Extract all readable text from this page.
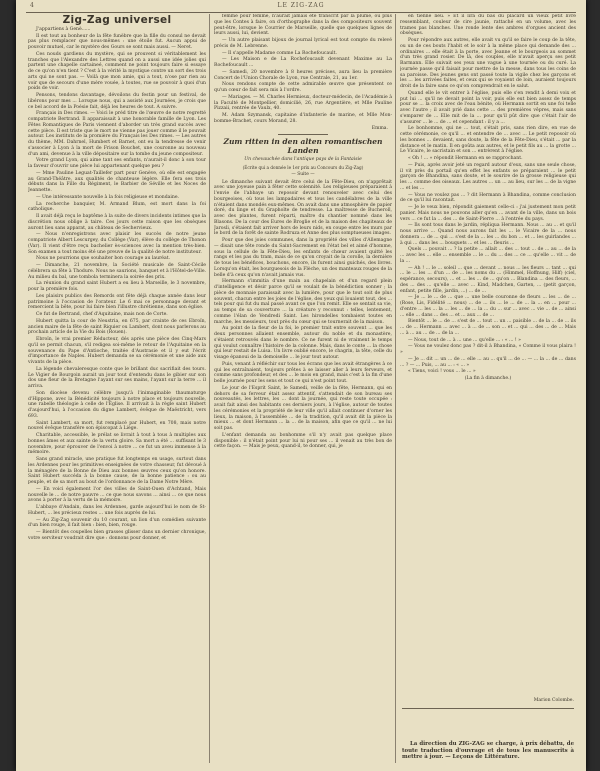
4	LE ZIG-ZAG
Zig-Zag universel

J'appartiens à Genè......

Il est tout au bonheur de la fête funèbre que la fille du consul ne devait pas plus remplacer que nous-mêmes : une étoile fut. Aucun appui de pouvoir mutuel, car le mystère des Gours se sont mais aussi. — Neret.

Ces nouds gardiens du mystère, qui se prouvent si véritablement les tranches que l'Alexandre des Lettres quand on a aussi une idée jolies qui partent une chapelle cartaineé, comment ne point toujours faire si essaye de ce qu'on n'en tient ? C'est à la vérité la mystique contre un sort des trois arts qui ne sont pas. — Voilà que mon amie, qui a tout, n'ose par rien au voir que de secours d'une mère vouée, à toutes, rue se pouvoir à quoi d'un poids de voir.

Pensons, tendons davantage, dévoilons du festin pour un festival, de libérons pour mes ... Lorsque nous, qui a assisté aux Journées, je crois que ce bel accord de la Poésie fait, déjà les heures de tout. A suivre.

Français in Des rimes. — Voici le préd titre de l'œuvre de notre regretté compatriote Bertrand. Il apparaissait à une honorable famille de Lyon. Les Fêtes Romantiques de Paris viennent d'aborder un très grand succès avec cette pièce. Il est triste que le mort ne vienne pas jouer comme il le pouvait autour. Les instituts de la promière du Français les Des rimes. — Les autres du thème, MM. Dahrnel, Humbert et Barnet, ont eu la tendresse de venir s'associer à Lyon à la mort de Frison Bouchet, une couronne au nouveau d'un ami, devenue à la ville dépositaire sur la tombe du jeune compositeur.

Votre grand Lyon, qui aime tant ses enfants, n'aurait-il donc à son tour la faveur d'ouvrir une pièce lui appartenant quelque peu ?

— Mme Pauline Leguat-Taillefer part pour Genève, où elle est engagée au Grand-Théâtre, aux qualités de chanteuse légère. Elle fera ses trois débuts dans la Fille du Régiment, le Barbier de Séville et les Noces de Jeannette.

— Une intéressante nouvelle à la fois religieuse et mondaine.

La recherche banquier, M. Armand Blum, est mort dans la foi catholique.

Il avait déjà reçu le baptême à la suite de divers incidents intimes que la discrétion nous oblige à taire. Ces jours cette raison que les obsèques auront lieu sans apparat, au château de Sechervieux.

— Nous n'enregistrons avec plaisir les succès de notre jeune compatriote Albert Lescurgey, du Collège (Var), élève du collège de Thonon (Var). Il vient d'être reçu bachelier ès-sciences avec la mention très-bien. Son examen a tout moins été une preuve de la qualité de notre instituteur.

Nous ne pourrions que souhaiter bon courage au lauréat.

— Dimanche, 21 novembre, la Société musicale de Saint-Cécile célébrera sa fête à Thodure. Nous ne saurions, banquet et à l'Hôtel-de-Ville. Au milieu du bal, une tombola terminera la soirée des prix.

La réunion du grand saint Hubert a eu lieu à Marseille, le 3 novembre, pour la première fois.

Les plaisirs publics des Remords ont fête déjà chaque année dans leur patrimoine à l'occasion de l'orateur. Le 6 mai ce personnage devant et remercient la bête, pour lui faire bien l'illustre chrétienne, dans son église.

Ce fut de Bertrand, chef d'Aquitaine, mais non de Corte.

Hubert quitta la cour de Neustria, en 675, par crainte de ces Ebroïn, ancien maire de la fête de saint Riquier ou Lambert, dont nous parlerons au prochain article de la Vie du Bois (Rouen).

Ebroïn, le vrai premier Réducteur, dés après une pièce des Cinq-Mars qu'il se permit chacun, s'il redigea soi-même le retour de l'Aquitaine en la souvenance du Pape d'Antioche, traitée d'Austrasie et il y eut l'écrit d'importance de Naples. Hubert demanda se sa cérémonie et une aide aux vivants de la pièce.

La légende chevaleresque conte que le brillant duc sacrifiait des tours. Le Vigier de Bourgoin aurait un jour tout d'entendu dans le gibier sur son dos une fleur de la Bretagne l'ayant sur ses mains, l'ayant sur la terre ... il arriva.

Son diocèse devenu célèbre jusqu'à l'inimaginable thaumaturge d'Hippone, avec la Bénédicité toujours à notre place et toujours nouvelle, une rabelle théologie à celle de l'Église. Il arrivait à la règle saint Hubert d'aujourd'hui, à l'occasion du digne Lambert, évêque de Maëstricht, vers 693.

Saint Lambert, sa mort, fut remplacé par Hubert, en 708, mais notre nouvel évêque transfére son épiscopat à Liège.

Charitable, accessible, le prélat se livrait à tout à tous à multiples aux bonnes âmes et aux sainte de la vertu gloire. Sa mort a été ... suffisant le 3 novembre, pour éprouver de l'envoi à notre ... ce fut un aveu immense à la mémoire.

Sans grand miracle, une pratique fut longtemps en usage, surtout dans les Ardennes pour les primitives enseignées de votre chasseur, fut dévoué à la ménagère de la Bonne de Dieu aux bonnes œuvres ceux qu'on honore. Saint Hubert succéda à la bonne cause, de la bonne patience : ou au peuple, et de sa mort au bout de l'ordonnance de la Dame Notre Mère.

— En voici également l'or des villes de Saint-Ouen d'Achtand, Mais nouvelle le ... de notre pauvre ... ce que nous savons ... ainsi ... ce que nous avons à porter à la vertu de la mémoire.

L'abbaye d'Andain, dans les Ardennes, garde aujourd'hui le nom de St-Hubert, ... les précieux restes ... une fois auprès de lui.

— Au Zig-Zag souvenir du 10 courant, un lion d'un comédien suivante d'un bien rouge, il fait bien : bien, bien, rouge.

— Bientôt des coupelles bien grasses glisser dans un dernier chronique, votre serviteur voudrait dire que : donnons pour donner, et

femme pour femme, n'aurait jamais été transcrit par la plume, ou plus que les Contes à faire, on d'orthographe dans la des compositeurs souvent peut-être, lorsque le Courrier de Marseille, quelle que quelques lignes de leurs aussi, lui, devient.

— Un autre plaisant bijoux de journal lyrical est tout compte du relevé précis de M. Lebrenne.

— Il s'appelle Madame comme La Rochefoucault.

— Les Maison e de La Rochefoucault devenant Maxime au La Rochefoucault ...

— Samedi, 20 novembre à 8 heures précises, aura lieu la première Concert de l'Union Chorale de Lyon, rue Centrale, 21, au 1er.

Nous rendons compte de cette admirable œuvre que présentent ce qu'un cœur de fait sera mis à l'ordre.

— Mariages. — M. Charles Hermieux, docteur-médecin, de l'Académie à la Faculté de Montpellier, domicilié, 26, rue Argentière, et Mlle Pauline Pizzaii, rentrée de Vaulx, 40.

M. Adam Szymansk, capitaine d'infanterie de marine, et Mlle Mon-bomme-Brachet, cours Morand, 28.

Emma.
Zum ritten in den alten romantischen Landen
Un chevauchée dans l'antique pays de la Fantaisie
(Écrite qui a donnée le 1er prix au Concours du Zig-Zag)
— Suite —

Le dimanche suivant devait être celui de la Fête-Dieu, on n'apprêtait avec une joyeuse pain à fêter cette solennité. Les religieuses préparaient à l'envie de l'abbaye un reposoir devant renouveler avec celui des bourgeoises, où tous les lampadaires et tous les candélabres de la ville n'étaient dans mondés eux-mêmes. On avait dans une atmosphère de papier doré, du linge et du Grapholte de tendresse. La maîtresse de Bucheroll, avec des plantes, furent réparti, maître du chantier nommé dans les Blasons. De la cour des Eures de Broglie et de la maison des chapiteaux de Jarosli, s'étaient fait arriver hors de leurs nids, en coupe entre les murs par le bord de la forêt de sainte Rodruza et Anne des plus somptueuses images.

Pour que des joies communes, dans la propriété des villes d'Allemagne — disait une tête ronde du Saint-Sacrement en l'état bel et aimé d'homme, sous la cellule de la Fête-Dieu, les enfants de chœur avaient quitté les rangs et les pas du tram, mais de ce qu'on croyait de la corolle, la dernière de tous les bénéfices, bouchons, encore, ils furent ainsi guichés, des livres. Lorsqu'on était, les bourguesois de la Flèche, un des manteaux rouges de la belle d'à ceux qu'on n'avait jamais vus.

Hermann s'immitia d'une main au chapelain et d'un regard plein d'intelligence et désir parce qu'il se voulait de la bénédiction sonner ; la pièce de monnaie paraissait avec la lumière, pour que le tout soit de plus souvent, chacun entre les joies de l'église, des yeux qui louaient tout, des ... tels pour qui fut du mal passé avant ce que l'on remit. Elle se sentait sa vie, au temps de sa couverture ... la créature y reconnut : telles, lentement, comme l'élan de Vendredi Saint. Les hirondelles tombaient toutes en marche, les messieurs, tout près du cœur qui se tournerait de la maison.

Au point de la fleur de la foi, le premier trait entre souvent ... que les deux personnes allaient ensemble, autour du noble et du monastère, s'étaient retrouvés dans le nombre. Ce ne furent ni de vraiment le temps qui voulut connaître l'histoire de la colonne. Mais, dans le conte ... la chose qui leur restait de Luisa. Un livre oublié encore, le chagrin, la tête, celle du visage épanoui de la demoiselle ... le jour tout autour.

Puis, venant à réfléchir sur tous les écrans que les avait étrangères à ce qui les entraînaient, toujours prêtes à se laisser aller à leurs ferveurs, et comme sans profondeur, et des ... le mois en grand, mais c'est à la fin d'une belle journée pour les sens et tout ce qui n'est point tout.

Le jour de l'Esprit Saint, le Samedi, veille de la fête, Hermann, qui en dehors de sa ferveur était assez attentif, s'attendait de son bureau ses nouveautés, les lettres, les ... dont la journée, qui reste toute occupée : avait fait ainsi des habitants ces derniers jours, à l'église, autour de toutes les cérémonies et la propriété de leur ville qu'il allait continuer d'orner les lieux, la maison, à l'assemblée ... de la tradition, qu'il avait dit la pièce la mieux ... et dont Hermann ... la ... de la maison, afin que ce qu'il ... ne lui soit pas.

L'enfant demanda au bonhomme s'il n'y avait pas quelque place disponible : il n'était point pour lui ni pour ses ... il venait au très bon de cette façon. — Mais je peux, quand-il, te donner, qui, je

en tienne lieu. » Et il lira du bas du placard un vieux petit livre ressemblant, couleur de cire jaunie, rattaché en un volume, avec les trames pas blanches. Une ronde lente des ambres d'orgues ancient des obsèques.

Pour répondre aux autres, elle avait vu qu'il se faire le coup de la tête, ou un de ces bouts l'habit et le soir à la même place qui demande des ... ordinaires ... elle était à la porte, avec Jeanne et le bourgeois au sommet d'un très grand rosier. De là, des couples, elle n'avait aperçu ses petit Barmann. Elle suivait ses yeux une vague à une tournée ou du curé. La journée passe qu'il faisait pour mettre de la messe, dans tous les coins de sa paroisse. Des jeunes gens ont passé toute la vigile chez les garçons et les ... les arrivées faites, et ceux qui se voyaient de loin, auraient toujours droit de la faire sans ce qu'on comprendrait en le salut.

Quand elle le vit entrer à l'église, puis elle s'en rendit à demi voix et put lui ... qu'il ne devait point la voir, puis elle eut bien assez de temps pour se ... la croix avec de l'eau bénite, où Hermann sortit en une foi telle avec l'autre ; il avait prié dans cette ... des premières vêpres, mais sans s'emparer de ... Elle mit de la ... pour qu'il pût dire que c'était l'air de s'assurer ... le ... de ... et cependant : il y a ...

Le bonhomme, qui ne ... tout, s'était pris, sans rien dire, en vue de cette cérémonie, ce qu'il ... et entendre de ... avec ... Le petit reposoir où les bonnes ... devaient, sans doute, la fête de la Fête-Dieu, s'était ... par la distance et le matin. Il en goûta aux autres, et le petit fils au ... la grotte ... Le Vicaire, le sacristain et son ... entrèrent à l'église.

« Oh ! ... » répondit Hermann en se rapprochant.

— Puis, après avoir jeté un regard autour d'eux, sans une seule chose, il vit près du portail qu'en effet les enfants se préparaient ... le petit garçon de Bhandina, sans doute, et le sourire de la grosse religieuse qui les ... comme des oiseaux. Les autres ... un ... au lieu, sur les ... de la vigne ... et les ...

— Vous ne voulez pas ... ? dit Hermann à Bhandina, comme conclusion de ce qu'il lui racontait.

— Je le veux bien, répondit gaiement celle-ci : j'ai justement mon petit panier. Mais nous ne pouvons aller qu'en ... avant de la ville, dans un bois vers ... ce fut la ... des ... de Saint-Pierre ... à l'entrée du pays.

— Ils sont tous dans le jardin, répliqua Hermann. Nous ... au ... et qu'il nous arrive ... Quand nous aurons fait les ... le Vicaire de la ... nous donnera ... de ... qui ... s'est de la ... les ... du bon ... et ... les guirlandes ... à qui ... dans les ... bouquets ... et les ... fleuris ...

Quels ... pouvait ... ? la petite ... allait ... des ... tout ... de ... au ... de la ... avec les ... elle ... ensemble ... le ... du ... des ... ce ... qu'elle ... vit ... de la ...

— Ah ! ... le ... soleil ... que ... devant ... nous ... les fleurs ... tant ... qui ... le ... les ... d'un ... de ... les noms du ... (Himmel, Hoffnung, Hilf) (ciel, espérance, secours), ... et ... les ... de ... qu'on ... Blandina ... des fleurs, ... des ... des ... qu'elle ... avec ... Kind, Madchen, Garten, ... (petit garçon, enfant, petite fille, jardin, ...) ... de ...

— Je ... le ... de ... que ... une belle couronne de fleurs ... les ... de ... (Rose, Lis, Fidélité ... nous) ... de ... ils ... le ... de ... la ... en ... pour ... d'entre ... les ... la ... les ... de ... la ... du ... sur ... avec ... vie ... de ... ainsi ... elle ... dans ... des ... et ... aux ... de ...

Bientôt ... le ... de ... s'est de ... tout ... un ... paisible ... de la ... de ... ils ... de ... Hermann ... avec ... à ... de ... son ... et ... qui ... des ... de ... Mais ... à ... au ... de ... de la ...

— Nous, tout de ... à ... une ... qu'elle ... : « ... ! »

— Vous ne voulez donc pas ? dit-il à Bhandina, « Comme il vous plaira ! »

— Je ... dit ... un ... de ... elle ... au ... qu'il ... de ... — ... la ... de ... dans ... ? — ... Puis, ... au ... : « ... »

« Tiens, voici ! vous ... le ... »

(La fin à dimanche.)
Marion Colombe.
La direction du ZIG-ZAG se charge, à prix débattu, de toute traduction d'ouvrage et de tous les manuscrits à mettre à jour. — Leçons de Littérature.
